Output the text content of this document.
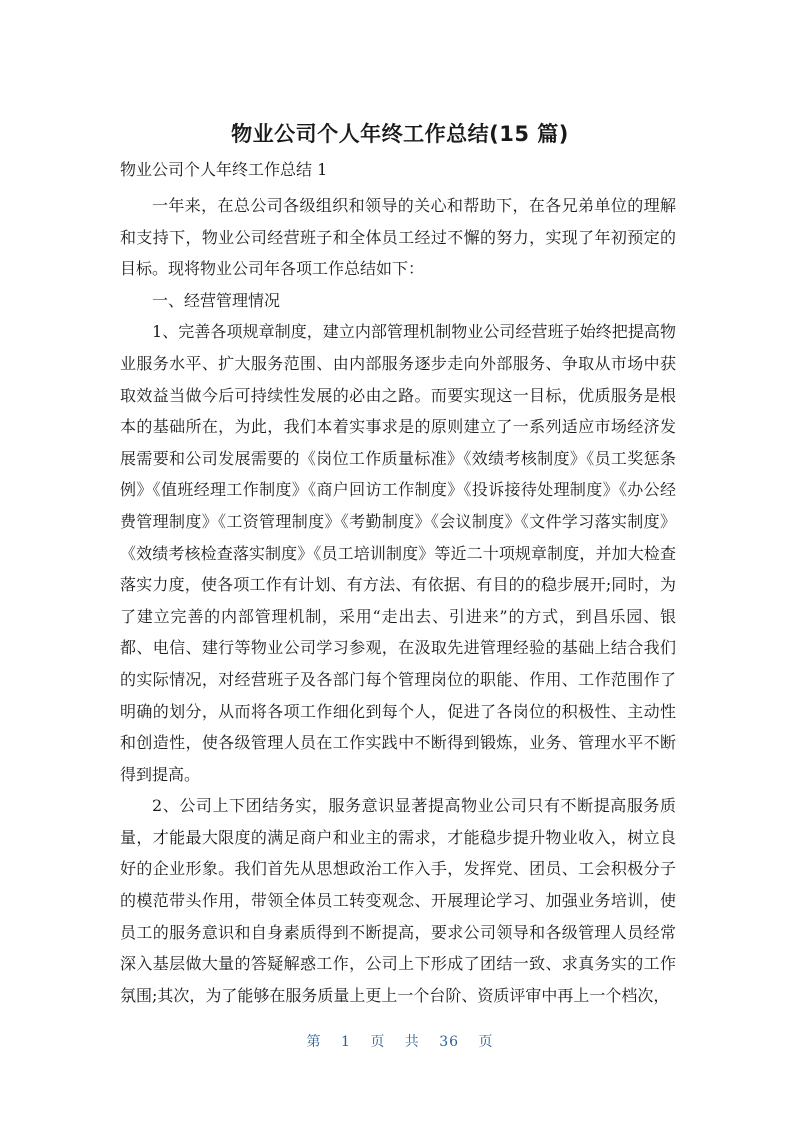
物业公司个人年终工作总结(15 篇)
物业公司个人年终工作总结 1

一年来，在总公司各级组织和领导的关心和帮助下，在各兄弟单位的理解和支持下，物业公司经营班子和全体员工经过不懈的努力，实现了年初预定的目标。现将物业公司年各项工作总结如下：

一、经营管理情况

1、完善各项规章制度，建立内部管理机制物业公司经营班子始终把提高物业服务水平、扩大服务范围、由内部服务逐步走向外部服务、争取从市场中获取效益当做今后可持续性发展的必由之路。而要实现这一目标，优质服务是根本的基础所在，为此，我们本着实事求是的原则建立了一系列适应市场经济发展需要和公司发展需要的《岗位工作质量标准》《效绩考核制度》《员工奖惩条例》《值班经理工作制度》《商户回访工作制度》《投诉接待处理制度》《办公经费管理制度》《工资管理制度》《考勤制度》《会议制度》《文件学习落实制度》《效绩考核检查落实制度》《员工培训制度》等近二十项规章制度，并加大检查落实力度，使各项工作有计划、有方法、有依据、有目的的稳步展开;同时，为了建立完善的内部管理机制，采用“走出去、引进来”的方式，到昌乐园、银都、电信、建行等物业公司学习参观，在汲取先进管理经验的基础上结合我们的实际情况，对经营班子及各部门每个管理岗位的职能、作用、工作范围作了明确的划分，从而将各项工作细化到每个人，促进了各岗位的积极性、主动性和创造性，使各级管理人员在工作实践中不断得到锻炼，业务、管理水平不断得到提高。

2、公司上下团结务实，服务意识显著提高物业公司只有不断提高服务质量，才能最大限度的满足商户和业主的需求，才能稳步提升物业收入，树立良好的企业形象。我们首先从思想政治工作入手，发挥党、团员、工会积极分子的模范带头作用，带领全体员工转变观念、开展理论学习、加强业务培训，使员工的服务意识和自身素质得到不断提高，要求公司领导和各级管理人员经常深入基层做大量的答疑解惑工作，公司上下形成了团结一致、求真务实的工作氛围;其次，为了能够在服务质量上更上一个台阶、资质评审中再上一个档次，

第 1 页 共 36 页
